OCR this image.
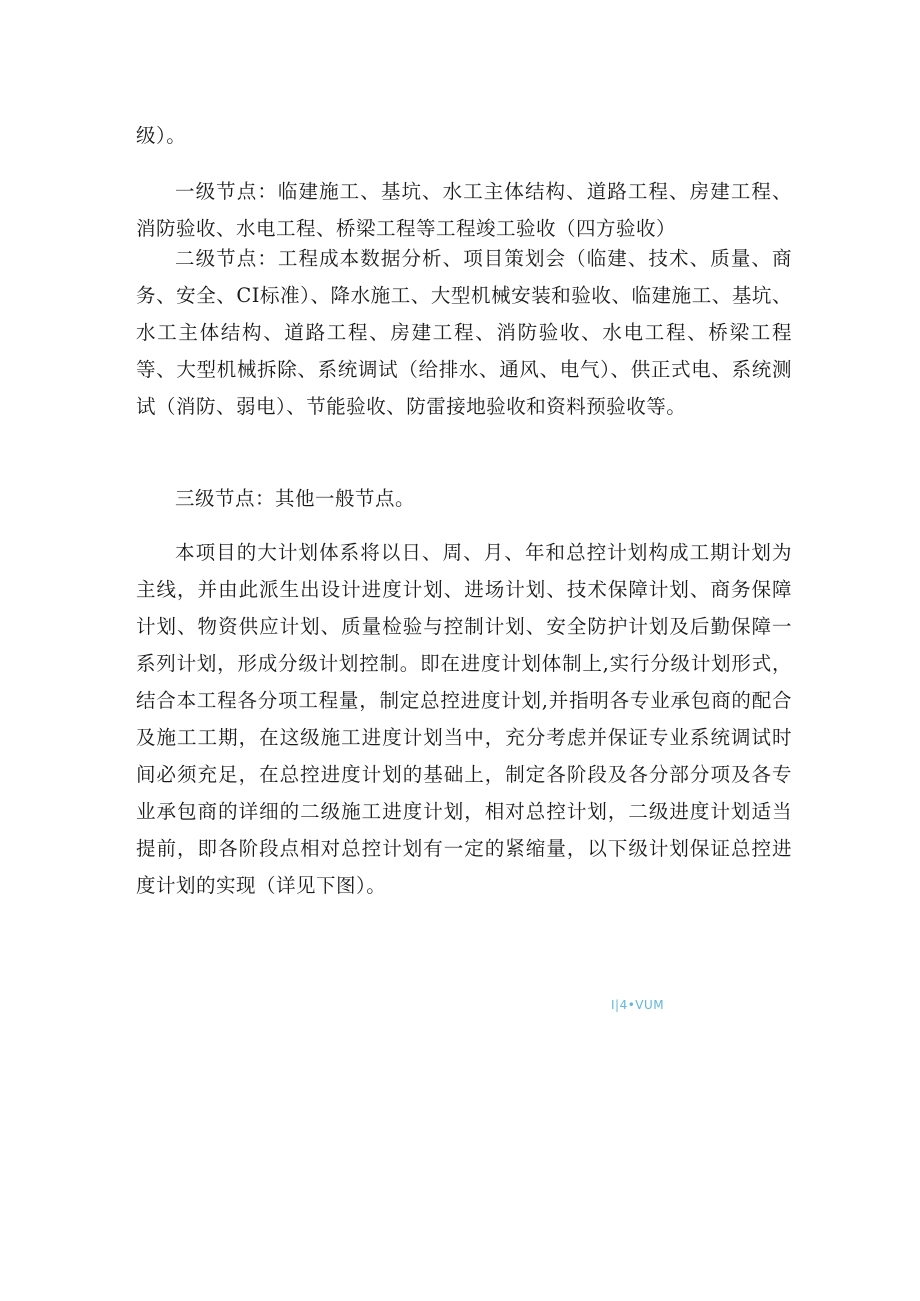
级）。

一级节点：临建施工、基坑、水工主体结构、道路工程、房建工程、消防验收、水电工程、桥梁工程等工程竣工验收（四方验收）

二级节点：工程成本数据分析、项目策划会（临建、技术、质量、商务、安全、CI标准）、降水施工、大型机械安装和验收、临建施工、基坑、水工主体结构、道路工程、房建工程、消防验收、水电工程、桥梁工程等、大型机械拆除、系统调试（给排水、通风、电气）、供正式电、系统测试（消防、弱电）、节能验收、防雷接地验收和资料预验收等。

三级节点：其他一般节点。

本项目的大计划体系将以日、周、月、年和总控计划构成工期计划为主线，并由此派生出设计进度计划、进场计划、技术保障计划、商务保障计划、物资供应计划、质量检验与控制计划、安全防护计划及后勤保障一系列计划，形成分级计划控制。即在进度计划体制上,实行分级计划形式，结合本工程各分项工程量，制定总控进度计划,并指明各专业承包商的配合及施工工期，在这级施工进度计划当中，充分考虑并保证专业系统调试时间必须充足，在总控进度计划的基础上，制定各阶段及各分部分项及各专业承包商的详细的二级施工进度计划，相对总控计划，二级进度计划适当提前，即各阶段点相对总控计划有一定的紧缩量，以下级计划保证总控进度计划的实现（详见下图）。

I|4•VUM
